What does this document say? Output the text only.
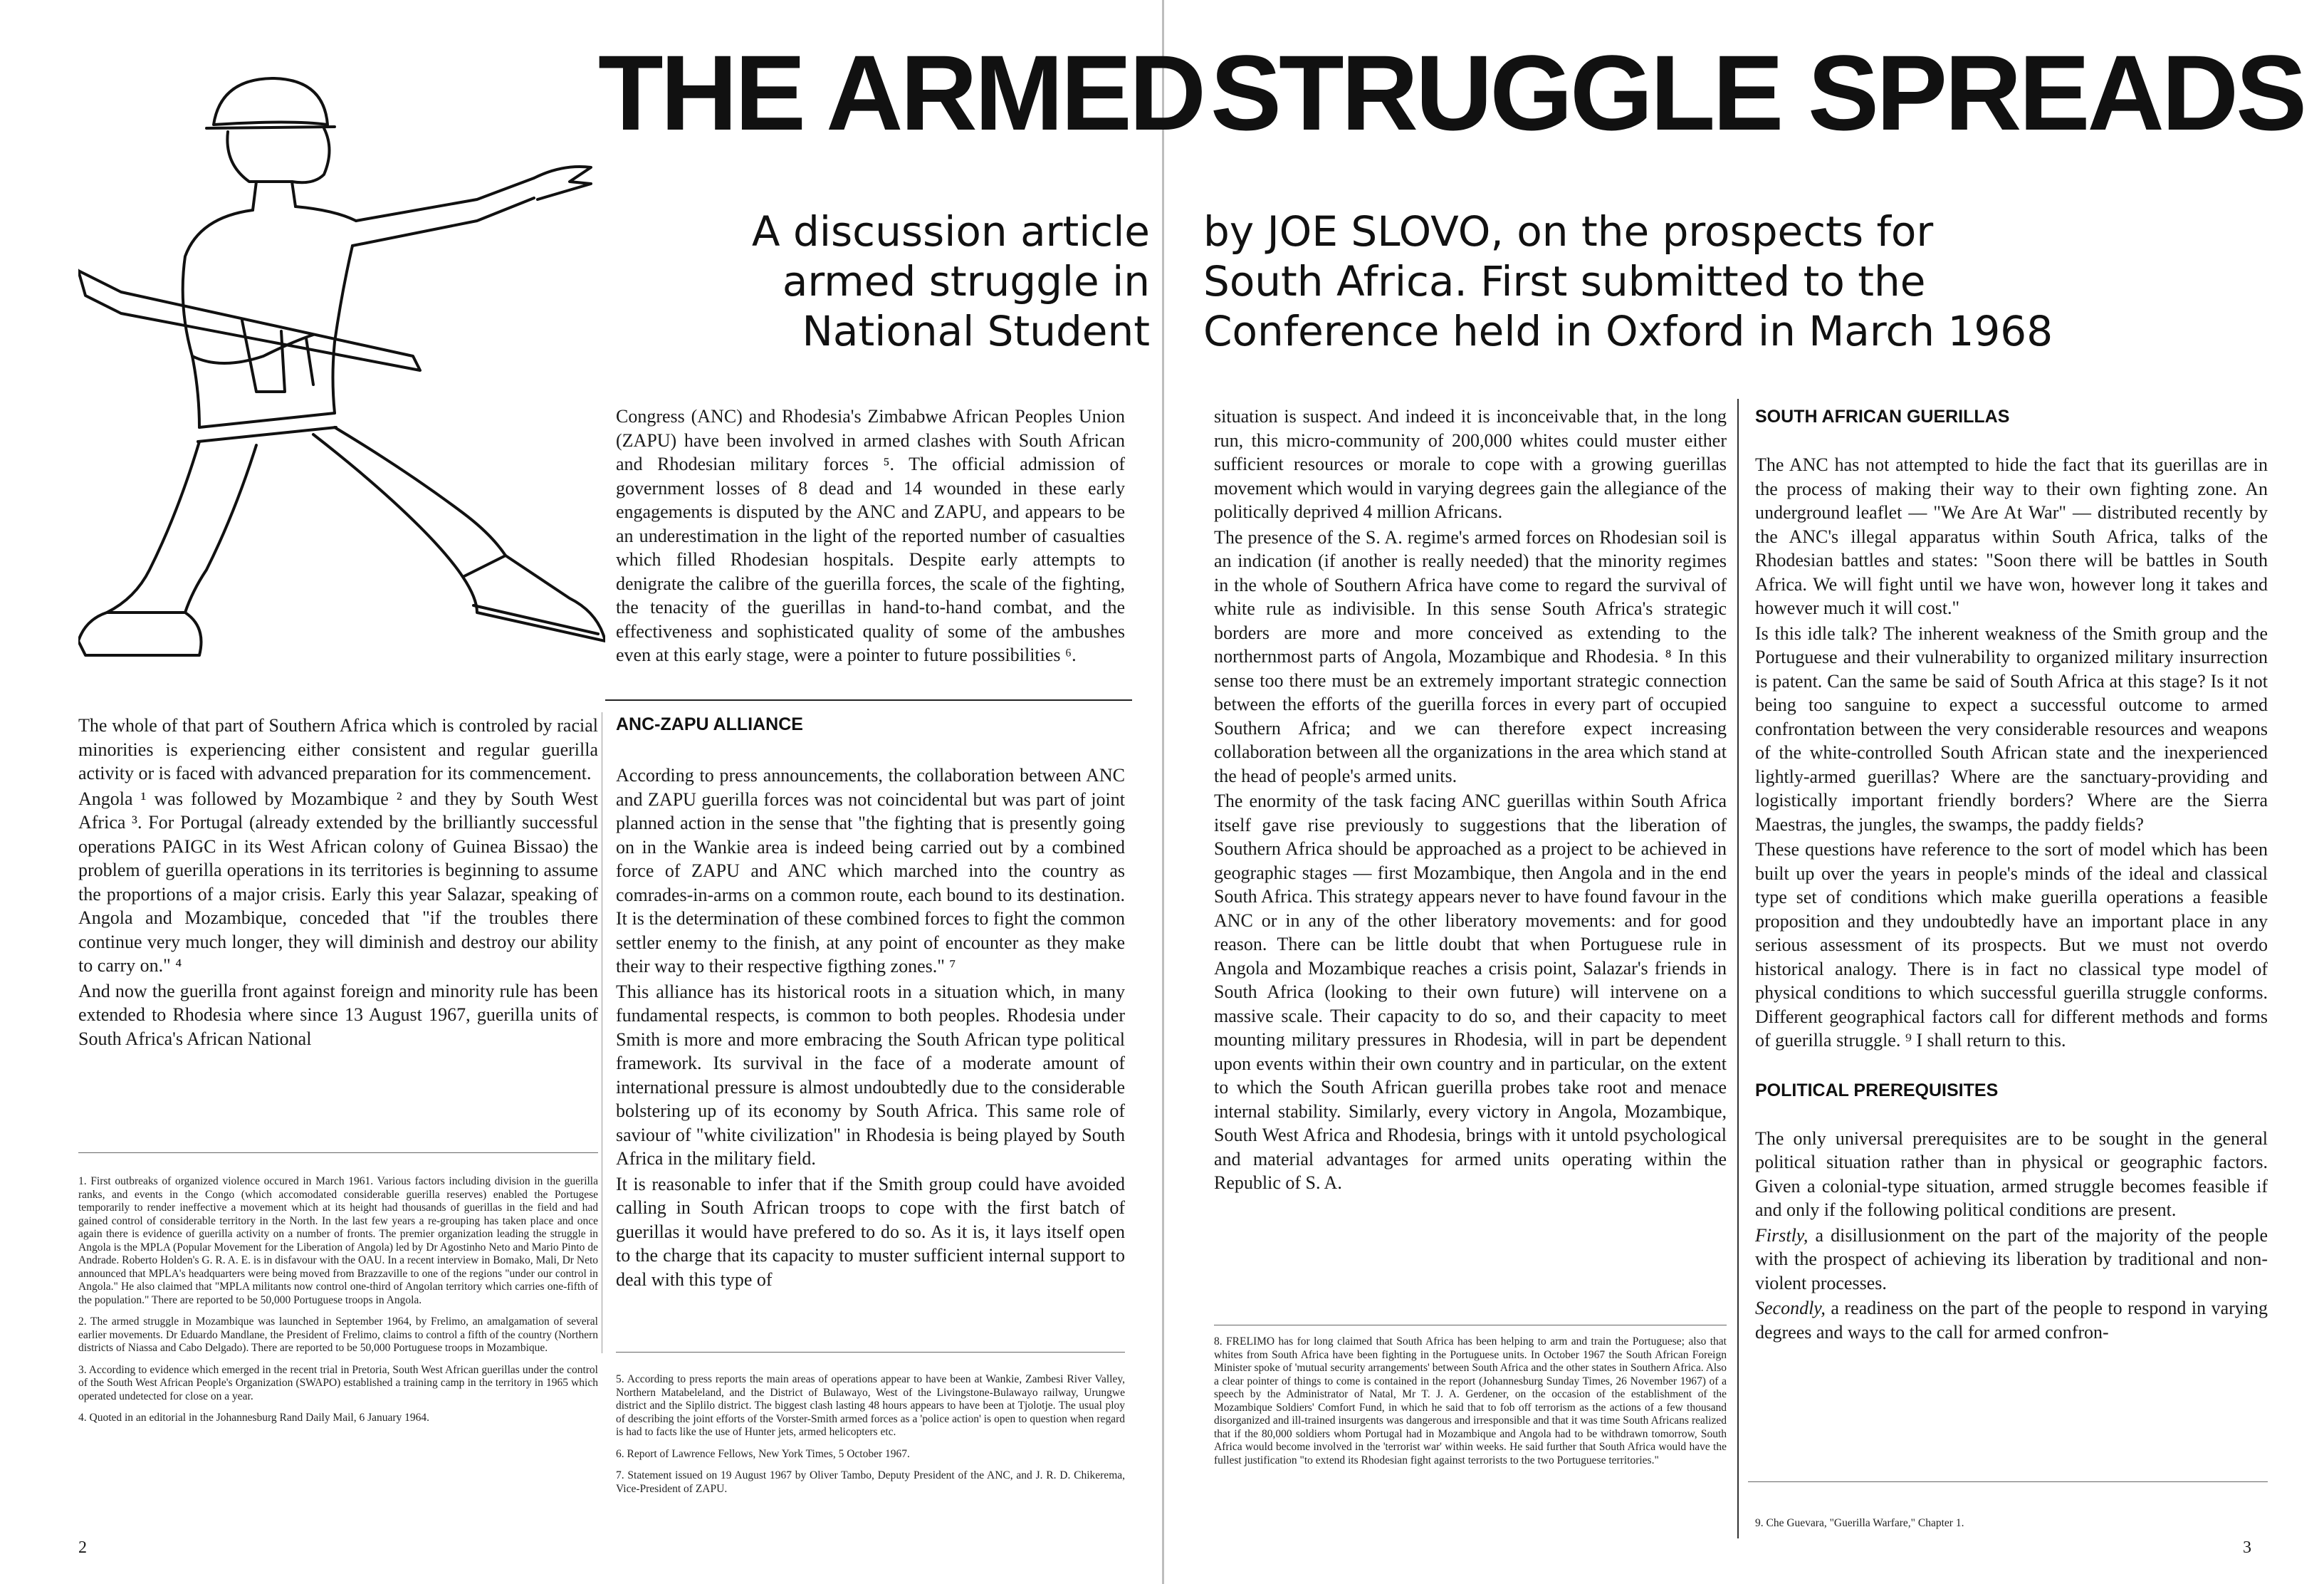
THE ARMED STRUGGLE SPREADS
A discussion article
armed struggle in
National Student
by JOE SLOVO, on the prospects for
South Africa. First submitted to the
Conference held in Oxford in March 1968

The whole of that part of Southern Africa which is controled by racial minorities is experiencing either consistent and regular guerilla activity or is faced with advanced preparation for its commencement.

Angola ¹ was followed by Mozambique ² and they by South West Africa ³. For Portugal (already extended by the brilliantly successful operations PAIGC in its West African colony of Guinea Bissao) the problem of guerilla operations in its territories is beginning to assume the proportions of a major crisis. Early this year Salazar, speaking of Angola and Mozambique, conceded that "if the troubles there continue very much longer, they will diminish and destroy our ability to carry on." ⁴

And now the guerilla front against foreign and minority rule has been extended to Rhodesia where since 13 August 1967, guerilla units of South Africa's African National

1. First outbreaks of organized violence occured in March 1961. Various factors including division in the guerilla ranks, and events in the Congo (which accomodated considerable guerilla reserves) enabled the Portugese temporarily to render ineffective a movement which at its height had thousands of guerillas in the field and had gained control of considerable territory in the North. In the last few years a re-grouping has taken place and once again there is evidence of guerilla activity on a number of fronts. The premier organization leading the struggle in Angola is the MPLA (Popular Movement for the Liberation of Angola) led by Dr Agostinho Neto and Mario Pinto de Andrade. Roberto Holden's G. R. A. E. is in disfavour with the OAU. In a recent interview in Bomako, Mali, Dr Neto announced that MPLA's headquarters were being moved from Brazzaville to one of the regions "under our control in Angola." He also claimed that "MPLA militants now control one-third of Angolan territory which carries one-fifth of the population." There are reported to be 50,000 Portuguese troops in Angola.

2. The armed struggle in Mozambique was launched in September 1964, by Frelimo, an amalgamation of several earlier movements. Dr Eduardo Mandlane, the President of Frelimo, claims to control a fifth of the country (Northern districts of Niassa and Cabo Delgado). There are reported to be 50,000 Portuguese troops in Mozambique.

3. According to evidence which emerged in the recent trial in Pretoria, South West African guerillas under the control of the South West African People's Organization (SWAPO) established a training camp in the territory in 1965 which operated undetected for close on a year.

4. Quoted in an editorial in the Johannesburg Rand Daily Mail, 6 January 1964.

2

Congress (ANC) and Rhodesia's Zimbabwe African Peoples Union (ZAPU) have been involved in armed clashes with South African and Rhodesian military forces ⁵. The official admission of government losses of 8 dead and 14 wounded in these early engagements is disputed by the ANC and ZAPU, and appears to be an underestimation in the light of the reported number of casualties which filled Rhodesian hospitals. Despite early attempts to denigrate the calibre of the guerilla forces, the scale of the fighting, the tenacity of the guerillas in hand-to-hand combat, and the effectiveness and sophisticated quality of some of the ambushes even at this early stage, were a pointer to future possibilities ⁶.

ANC-ZAPU ALLIANCE

According to press announcements, the collaboration between ANC and ZAPU guerilla forces was not coincidental but was part of joint planned action in the sense that "the fighting that is presently going on in the Wankie area is indeed being carried out by a combined force of ZAPU and ANC which marched into the country as comrades-in-arms on a common route, each bound to its destination. It is the determination of these combined forces to fight the common settler enemy to the finish, at any point of encounter as they make their way to their respective figthing zones." ⁷

This alliance has its historical roots in a situation which, in many fundamental respects, is common to both peoples. Rhodesia under Smith is more and more embracing the South African type political framework. Its survival in the face of a moderate amount of international pressure is almost undoubtedly due to the considerable bolstering up of its economy by South Africa. This same role of saviour of "white civilization" in Rhodesia is being played by South Africa in the military field.

It is reasonable to infer that if the Smith group could have avoided calling in South African troops to cope with the first batch of guerillas it would have prefered to do so. As it is, it lays itself open to the charge that its capacity to muster sufficient internal support to deal with this type of

5. According to press reports the main areas of operations appear to have been at Wankie, Zambesi River Valley, Northern Matabeleland, and the District of Bulawayo, West of the Livingstone-Bulawayo railway, Urungwe district and the Siplilo district. The biggest clash lasting 48 hours appears to have been at Tjolotje. The usual ploy of describing the joint efforts of the Vorster-Smith armed forces as a 'police action' is open to question when regard is had to facts like the use of Hunter jets, armed helicopters etc.

6. Report of Lawrence Fellows, New York Times, 5 October 1967.

7. Statement issued on 19 August 1967 by Oliver Tambo, Deputy President of the ANC, and J. R. D. Chikerema, Vice-President of ZAPU.

situation is suspect. And indeed it is inconceivable that, in the long run, this micro-community of 200,000 whites could muster either sufficient resources or morale to cope with a growing guerillas movement which would in varying degrees gain the allegiance of the politically deprived 4 million Africans.

The presence of the S. A. regime's armed forces on Rhodesian soil is an indication (if another is really needed) that the minority regimes in the whole of Southern Africa have come to regard the survival of white rule as indivisible. In this sense South Africa's strategic borders are more and more conceived as extending to the northernmost parts of Angola, Mozambique and Rhodesia. ⁸ In this sense too there must be an extremely important strategic connection between the efforts of the guerilla forces in every part of occupied Southern Africa; and we can therefore expect increasing collaboration between all the organizations in the area which stand at the head of people's armed units.

The enormity of the task facing ANC guerillas within South Africa itself gave rise previously to suggestions that the liberation of Southern Africa should be approached as a project to be achieved in geographic stages — first Mozambique, then Angola and in the end South Africa. This strategy appears never to have found favour in the ANC or in any of the other liberatory movements: and for good reason. There can be little doubt that when Portuguese rule in Angola and Mozambique reaches a crisis point, Salazar's friends in South Africa (looking to their own future) will intervene on a massive scale. Their capacity to do so, and their capacity to meet mounting military pressures in Rhodesia, will in part be dependent upon events within their own country and in particular, on the extent to which the South African guerilla probes take root and menace internal stability. Similarly, every victory in Angola, Mozambique, South West Africa and Rhodesia, brings with it untold psychological and material advantages for armed units operating within the Republic of S. A.

8. FRELIMO has for long claimed that South Africa has been helping to arm and train the Portuguese; also that whites from South Africa have been fighting in the Portuguese units. In October 1967 the South African Foreign Minister spoke of 'mutual security arrangements' between South Africa and the other states in Southern Africa. Also a clear pointer of things to come is contained in the report (Johannesburg Sunday Times, 26 November 1967) of a speech by the Administrator of Natal, Mr T. J. A. Gerdener, on the occasion of the establishment of the Mozambique Soldiers' Comfort Fund, in which he said that to fob off terrorism as the actions of a few thousand disorganized and ill-trained insurgents was dangerous and irresponsible and that it was time South Africans realized that if the 80,000 soldiers whom Portugal had in Mozambique and Angola had to be withdrawn tomorrow, South Africa would become involved in the 'terrorist war' within weeks. He said further that South Africa would have the fullest justification "to extend its Rhodesian fight against terrorists to the two Portuguese territories."

SOUTH AFRICAN GUERILLAS

The ANC has not attempted to hide the fact that its guerillas are in the process of making their way to their own fighting zone. An underground leaflet — "We Are At War" — distributed recently by the ANC's illegal apparatus within South Africa, talks of the Rhodesian battles and states: "Soon there will be battles in South Africa. We will fight until we have won, however long it takes and however much it will cost."

Is this idle talk? The inherent weakness of the Smith group and the Portuguese and their vulnerability to organized military insurrection is patent. Can the same be said of South Africa at this stage? Is it not being too sanguine to expect a successful outcome to armed confrontation between the very considerable resources and weapons of the white-controlled South African state and the inexperienced lightly-armed guerillas? Where are the sanctuary-providing and logistically important friendly borders? Where are the Sierra Maestras, the jungles, the swamps, the paddy fields?

These questions have reference to the sort of model which has been built up over the years in people's minds of the ideal and classical type set of conditions which make guerilla operations a feasible proposition and they undoubtedly have an important place in any serious assessment of its prospects. But we must not overdo historical analogy. There is in fact no classical type model of physical conditions to which successful guerilla struggle conforms. Different geographical factors call for different methods and forms of guerilla struggle. ⁹ I shall return to this.

POLITICAL PREREQUISITES

The only universal prerequisites are to be sought in the general political situation rather than in physical or geographic factors. Given a colonial-type situation, armed struggle becomes feasible if and only if the following political conditions are present.

Firstly, a disillusionment on the part of the majority of the people with the prospect of achieving its liberation by traditional and non-violent processes.

Secondly, a readiness on the part of the people to respond in varying degrees and ways to the call for armed confron-

9. Che Guevara, "Guerilla Warfare," Chapter 1.

3
